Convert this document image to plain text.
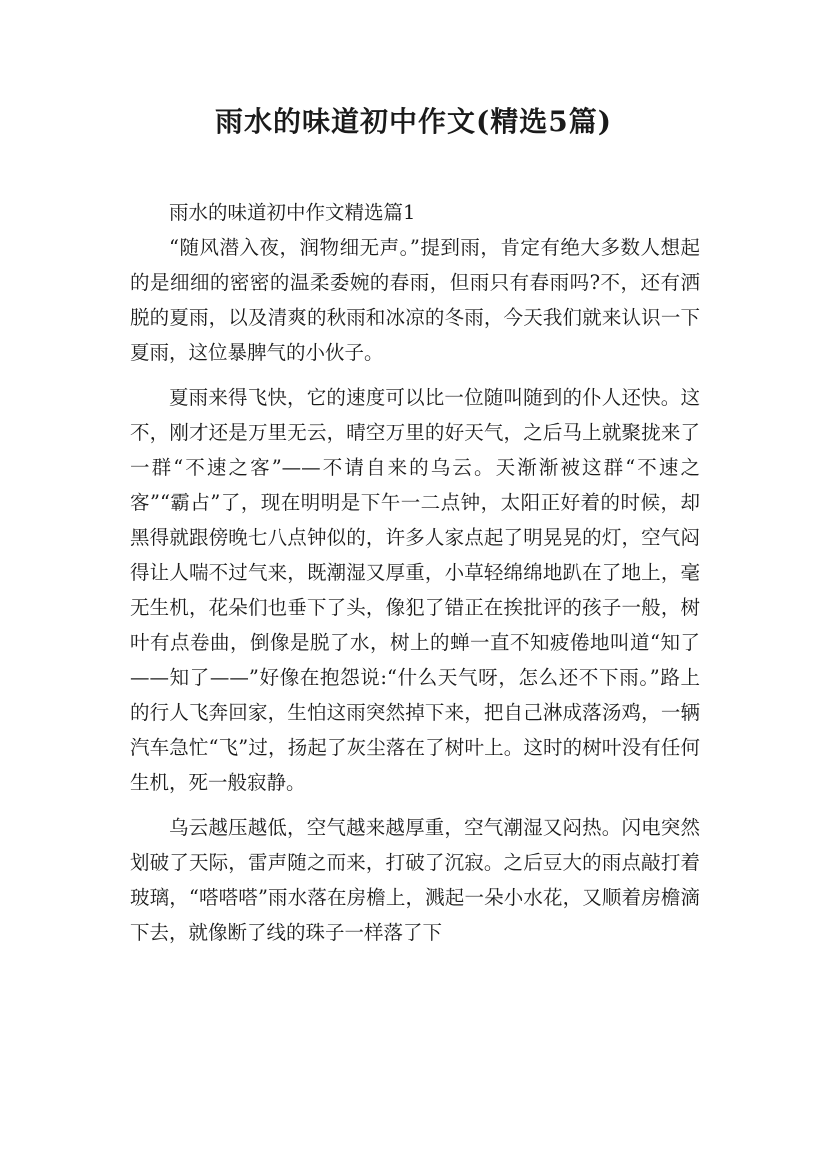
雨水的味道初中作文(精选5篇)
雨水的味道初中作文精选篇1

“随风潜入夜，润物细无声。”提到雨，肯定有绝大多数人想起的是细细的密密的温柔委婉的春雨，但雨只有春雨吗?不，还有洒脱的夏雨，以及清爽的秋雨和冰凉的冬雨，今天我们就来认识一下夏雨，这位暴脾气的小伙子。

夏雨来得飞快，它的速度可以比一位随叫随到的仆人还快。这不，刚才还是万里无云，晴空万里的好天气，之后马上就聚拢来了一群“不速之客”——不请自来的乌云。天渐渐被这群“不速之客”“霸占”了，现在明明是下午一二点钟，太阳正好着的时候，却黑得就跟傍晚七八点钟似的，许多人家点起了明晃晃的灯，空气闷得让人喘不过气来，既潮湿又厚重，小草轻绵绵地趴在了地上，毫无生机，花朵们也垂下了头，像犯了错正在挨批评的孩子一般，树叶有点卷曲，倒像是脱了水，树上的蝉一直不知疲倦地叫道“知了——知了——”好像在抱怨说:“什么天气呀，怎么还不下雨。”路上的行人飞奔回家，生怕这雨突然掉下来，把自己淋成落汤鸡，一辆汽车急忙“飞”过，扬起了灰尘落在了树叶上。这时的树叶没有任何生机，死一般寂静。

乌云越压越低，空气越来越厚重，空气潮湿又闷热。闪电突然划破了天际，雷声随之而来，打破了沉寂。之后豆大的雨点敲打着玻璃，“嗒嗒嗒”雨水落在房檐上，溅起一朵小水花，又顺着房檐滴下去，就像断了线的珠子一样落了下
